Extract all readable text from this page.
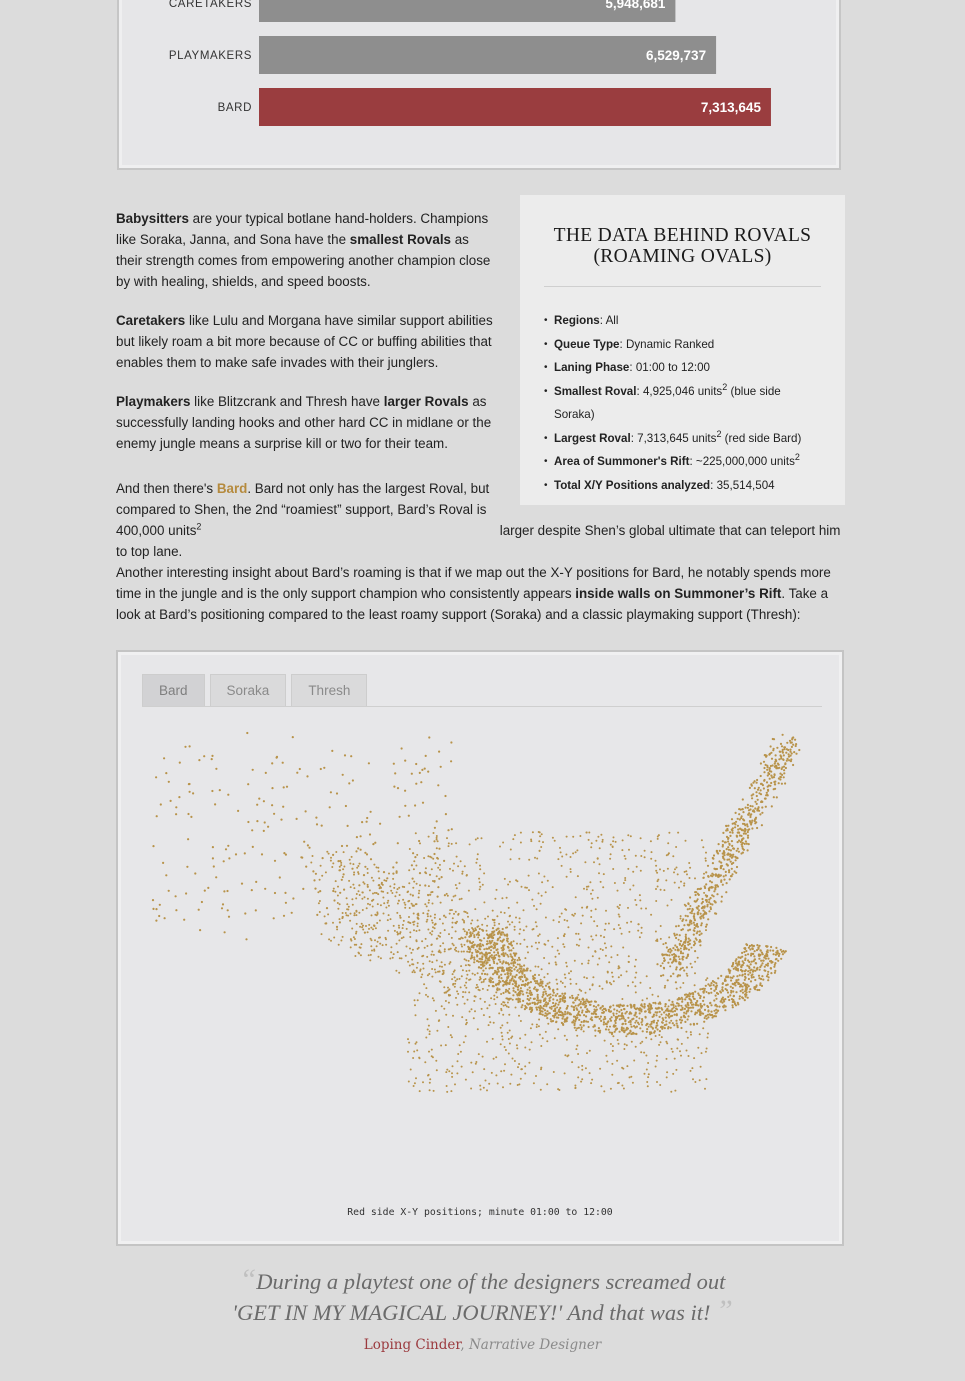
CARETAKERS	5,948,681
PLAYMAKERS	6,529,737
BARD	7,313,645

Babysitters are your typical botlane hand-holders. Champions like Soraka, Janna, and Sona have the smallest Rovals as their strength comes from empowering another champion close by with healing, shields, and speed boosts.

Caretakers like Lulu and Morgana have similar support abilities but likely roam a bit more because of CC or buffing abilities that enables them to make safe invades with their junglers.

Playmakers like Blitzcrank and Thresh have larger Rovals as successfully landing hooks and other hard CC in midlane or the enemy jungle means a surprise kill or two for their team.

And then there's Bard. Bard not only has the largest Roval, but compared to Shen, the 2nd “roamiest” support, Bard’s Roval is 400,000 units$^2$	larger despite Shen’s global ultimate that can teleport him to top lane.

Another interesting insight about Bard’s roaming is that if we map out the X-Y positions for Bard, he notably spends more time in the jungle and is the only support champion who consistently appears inside walls on Summoner’s Rift. Take a look at Bard’s positioning compared to the least roamy support (Soraka) and a classic playmaking support (Thresh):

THE DATA BEHIND ROVALS (ROAMING OVALS)
• Regions: All
• Queue Type: Dynamic Ranked
• Laning Phase: 01:00 to 12:00
• Smallest Roval: 4,925,046 units$^2$ (blue side Soraka)
• Largest Roval: 7,313,645 units$^2$ (red side Bard)
• Area of Summoner's Rift: ~225,000,000 units$^2$
• Total X/Y Positions analyzed: 35,514,504
Bard	Soraka	Thresh
Red side X-Y positions; minute 01:00 to 12:00
“During a playtest one of the designers screamed out
'GET IN MY MAGICAL JOURNEY!' And that was it! ”
Loping Cinder, Narrative Designer
